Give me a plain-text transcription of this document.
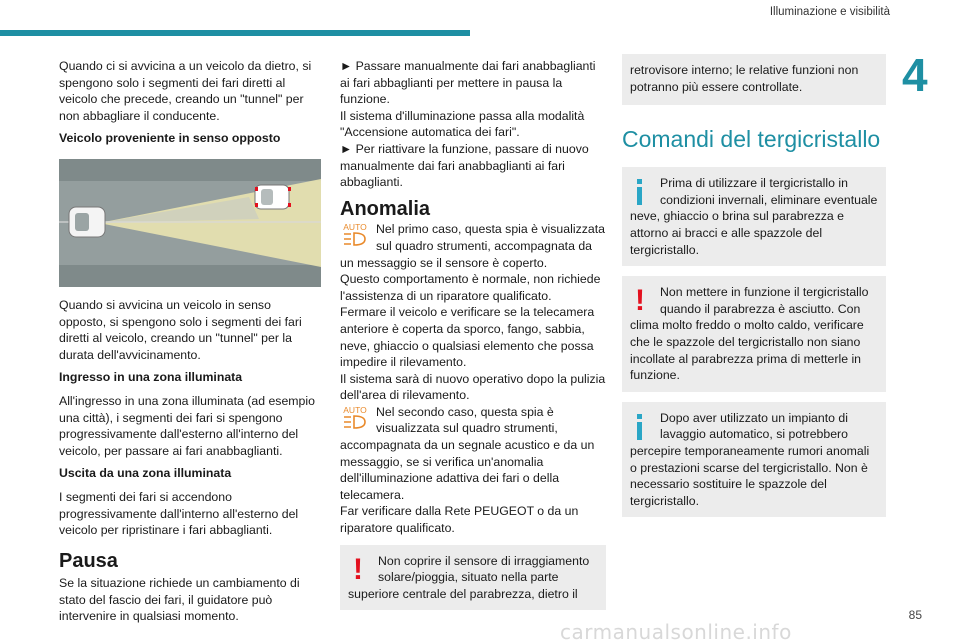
Illuminazione e visibilità
4
Quando ci si avvicina a un veicolo da dietro, si spengono solo i segmenti dei fari diretti al veicolo che precede, creando un "tunnel" per non abbagliare il conducente.
Veicolo proveniente in senso opposto
Quando si avvicina un veicolo in senso opposto, si spengono solo i segmenti dei fari diretti al veicolo, creando un "tunnel" per la durata dell'avvicinamento.
Ingresso in una zona illuminata
All'ingresso in una zona illuminata (ad esempio una città), i segmenti dei fari si spengono progressivamente dall'esterno all'interno del veicolo, per passare ai fari anabbaglianti.
Uscita da una zona illuminata
I segmenti dei fari si accendono progressivamente dall'interno all'esterno del veicolo per ripristinare i fari abbaglianti.
Pausa
Se la situazione richiede un cambiamento di stato del fascio dei fari, il guidatore può intervenire in qualsiasi momento.
► Passare manualmente dai fari anabbaglianti ai fari abbaglianti per mettere in pausa la funzione.
Il sistema d'illuminazione passa alla modalità "Accensione automatica dei fari".
► Per riattivare la funzione, passare di nuovo manualmente dai fari anabbaglianti ai fari abbaglianti.
Anomalia
AUTO Nel primo caso, questa spia è visualizzata sul quadro strumenti, accompagnata da un messaggio se il sensore è coperto.
Questo comportamento è normale, non richiede l'assistenza di un riparatore qualificato.
Fermare il veicolo e verificare se la telecamera anteriore è coperta da sporco, fango, sabbia, neve, ghiaccio o qualsiasi elemento che possa impedire il rilevamento.
Il sistema sarà di nuovo operativo dopo la pulizia dell'area di rilevamento.
AUTO Nel secondo caso, questa spia è visualizzata sul quadro strumenti, accompagnata da un segnale acustico e da un messaggio, se si verifica un'anomalia dell'illuminazione adattiva dei fari o della telecamera.
Far verificare dalla Rete PEUGEOT o da un riparatore qualificato.
!	Non coprire il sensore di irraggiamento solare/pioggia, situato nella parte superiore centrale del parabrezza, dietro il
retrovisore interno; le relative funzioni non potranno più essere controllate.
Comandi del tergicristallo
Prima di utilizzare il tergicristallo in condizioni invernali, eliminare eventuale neve, ghiaccio o brina sul parabrezza e attorno ai bracci e alle spazzole del tergicristallo.
!	Non mettere in funzione il tergicristallo quando il parabrezza è asciutto. Con clima molto freddo o molto caldo, verificare che le spazzole del tergicristallo non siano incollate al parabrezza prima di metterle in funzione.
Dopo aver utilizzato un impianto di lavaggio automatico, si potrebbero percepire temporaneamente rumori anomali o prestazioni scarse del tergicristallo. Non è necessario sostituire le spazzole del tergicristallo.
85
carmanualsonline.info
